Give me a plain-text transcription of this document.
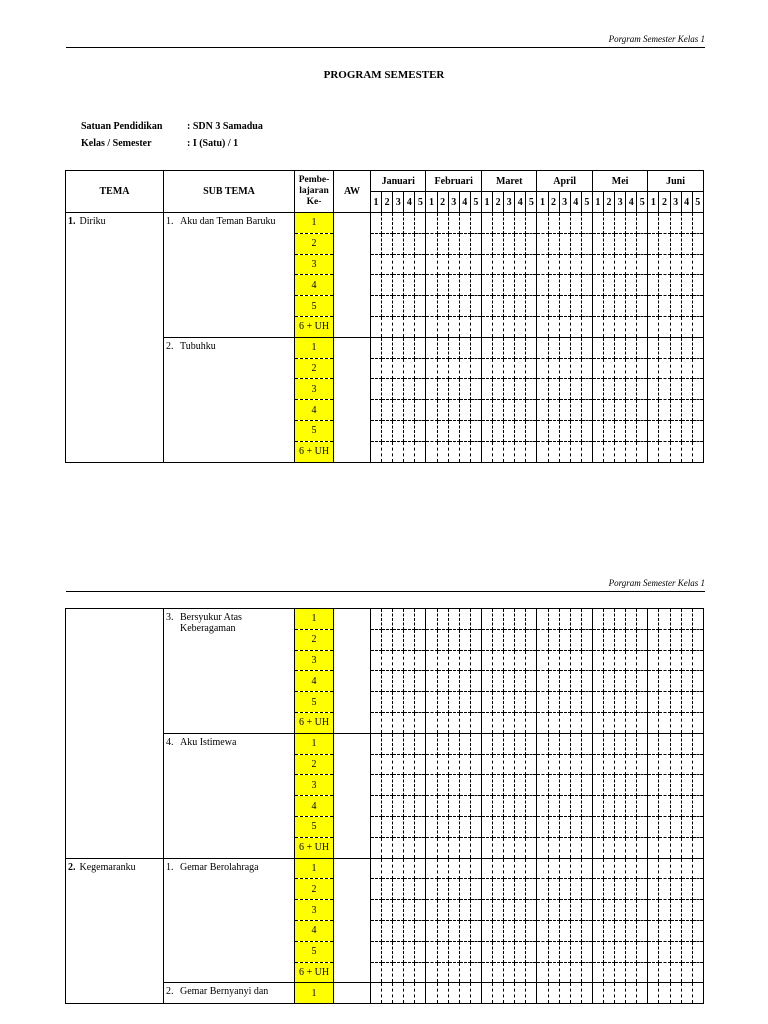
Porgram Semester Kelas 1
PROGRAM SEMESTER
Satuan Pendidikan : SDN 3 Samadua
Kelas / Semester	: I (Satu) / 1
TEMA	SUB TEMA	Pembe-
lajaran
Ke-	AW	Januari					Februari					Maret					April					Mei					Juni				
				1	2	3	4	5	1	2	3	4	5	1	2	3	4	5	1	2	3	4	5	1	2	3	4	5	1	2	3	4	5
1. Diriku	1. Aku dan Teman Baruku	1																															
		2																															
		3																															
		4																															
		5																															
		6 + UH																															
	2. Tubuhku	1																															
		2																															
		3																															
		4																															
		5																															
		6 + UH																															
Porgram Semester Kelas 1
	3. Bersyukur Atas Keberagaman	1																															
		2																															
		3																															
		4																															
		5																															
		6 + UH																															
	4. Aku Istimewa	1																															
		2																															
		3																															
		4																															
		5																															
		6 + UH																															
2. Kegemaranku	1. Gemar Berolahraga	1																															
		2																															
		3																															
		4																															
		5																															
		6 + UH																															
	2. Gemar Bernyanyi dan	1																															
